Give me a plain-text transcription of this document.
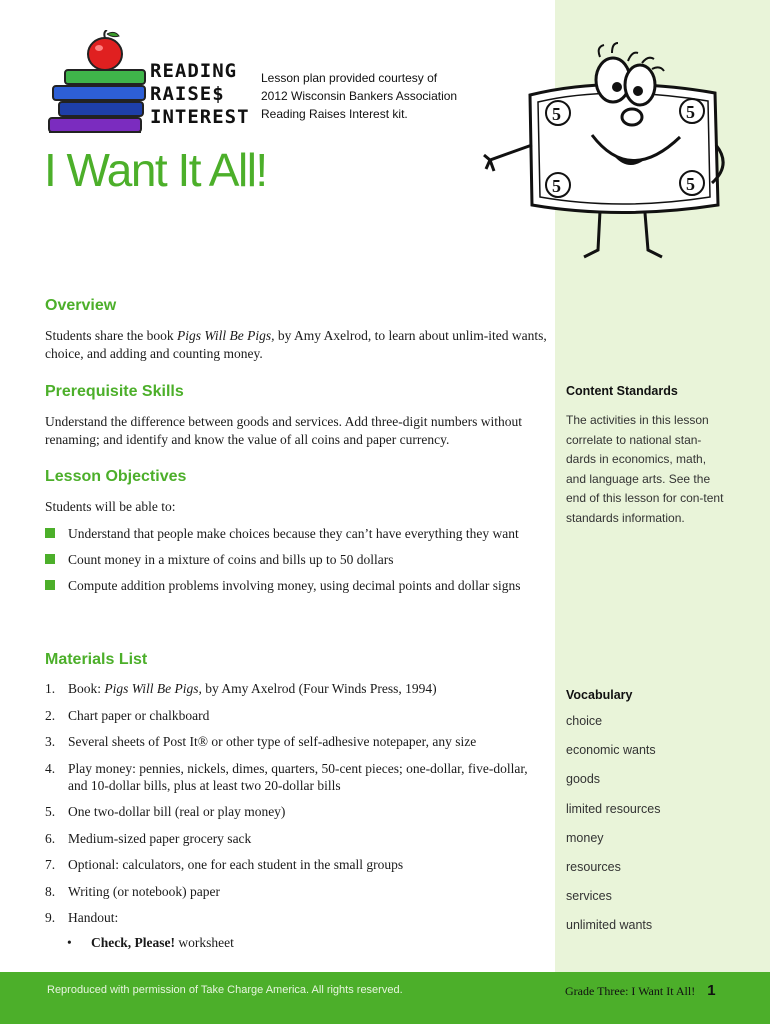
READING
RAISE$
INTEREST
Lesson plan provided courtesy of
2012 Wisconsin Bankers Association
Reading Raises Interest kit.
I Want It All!
5	5
5	5
Overview

Students share the book Pigs Will Be Pigs, by Amy Axelrod, to learn about unlim-ited wants, choice, and adding and counting money.

Prerequisite Skills

Understand the difference between goods and services. Add three-digit numbers without renaming; and identify and know the value of all coins and paper currency.

Lesson Objectives

Students will be able to:

Understand that people make choices because they can’t have everything they want
Count money in a mixture of coins and bills up to 50 dollars
Compute addition problems involving money, using decimal points and dollar signs
Materials List
1. Book: Pigs Will Be Pigs, by Amy Axelrod (Four Winds Press, 1994)
2. Chart paper or chalkboard
3. Several sheets of Post It® or other type of self-adhesive notepaper, any size
4. Play money: pennies, nickels, dimes, quarters, 50-cent pieces; one-dollar, five-dollar, and 10-dollar bills, plus at least two 20-dollar bills
5. One two-dollar bill (real or play money)
6. Medium-sized paper grocery sack
7. Optional: calculators, one for each student in the small groups
8. Writing (or notebook) paper
9. Handout:
• Check, Please! worksheet
Content Standards

The activities in this lesson correlate to national stan-dards in economics, math, and language arts. See the end of this lesson for con-tent standards information.

Vocabulary
choice
economic wants
goods
limited resources
money
resources
services
unlimited wants
Reproduced with permission of Take Charge America. All rights reserved.	Grade Three: I Want It All! 1
